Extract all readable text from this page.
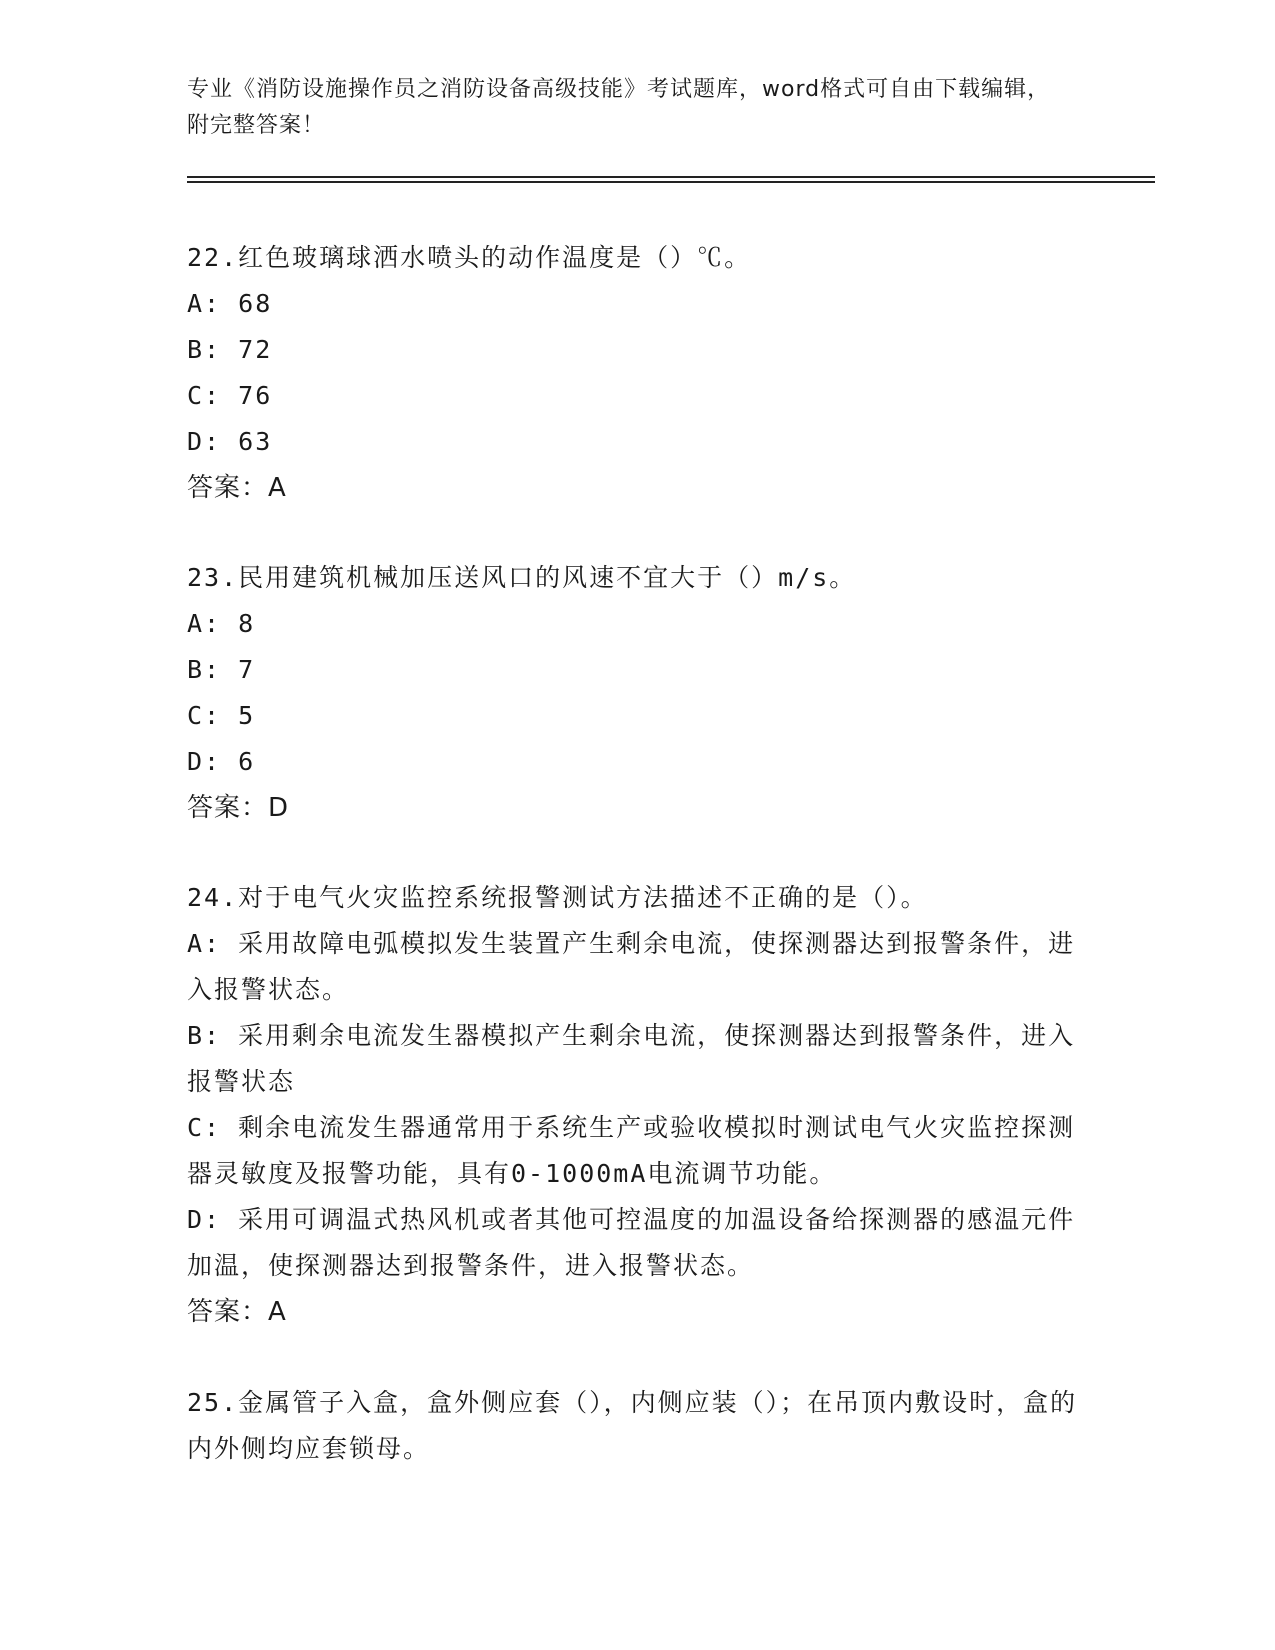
专业《消防设施操作员之消防设备高级技能》考试题库，word格式可自由下载编辑，附完整答案！

22.红色玻璃球洒水喷头的动作温度是（）℃。

A: 68

B: 72

C: 76

D: 63

答案：A

23.民用建筑机械加压送风口的风速不宜大于（）m/s。

A: 8

B: 7

C: 5

D: 6

答案：D

24.对于电气火灾监控系统报警测试方法描述不正确的是（）。

A: 采用故障电弧模拟发生装置产生剩余电流，使探测器达到报警条件，进入报警状态。

B: 采用剩余电流发生器模拟产生剩余电流，使探测器达到报警条件，进入报警状态

C: 剩余电流发生器通常用于系统生产或验收模拟时测试电气火灾监控探测器灵敏度及报警功能，具有0-1000mA电流调节功能。

D: 采用可调温式热风机或者其他可控温度的加温设备给探测器的感温元件加温，使探测器达到报警条件，进入报警状态。

答案：A

25.金属管子入盒，盒外侧应套（），内侧应装（）；在吊顶内敷设时，盒的内外侧均应套锁母。
